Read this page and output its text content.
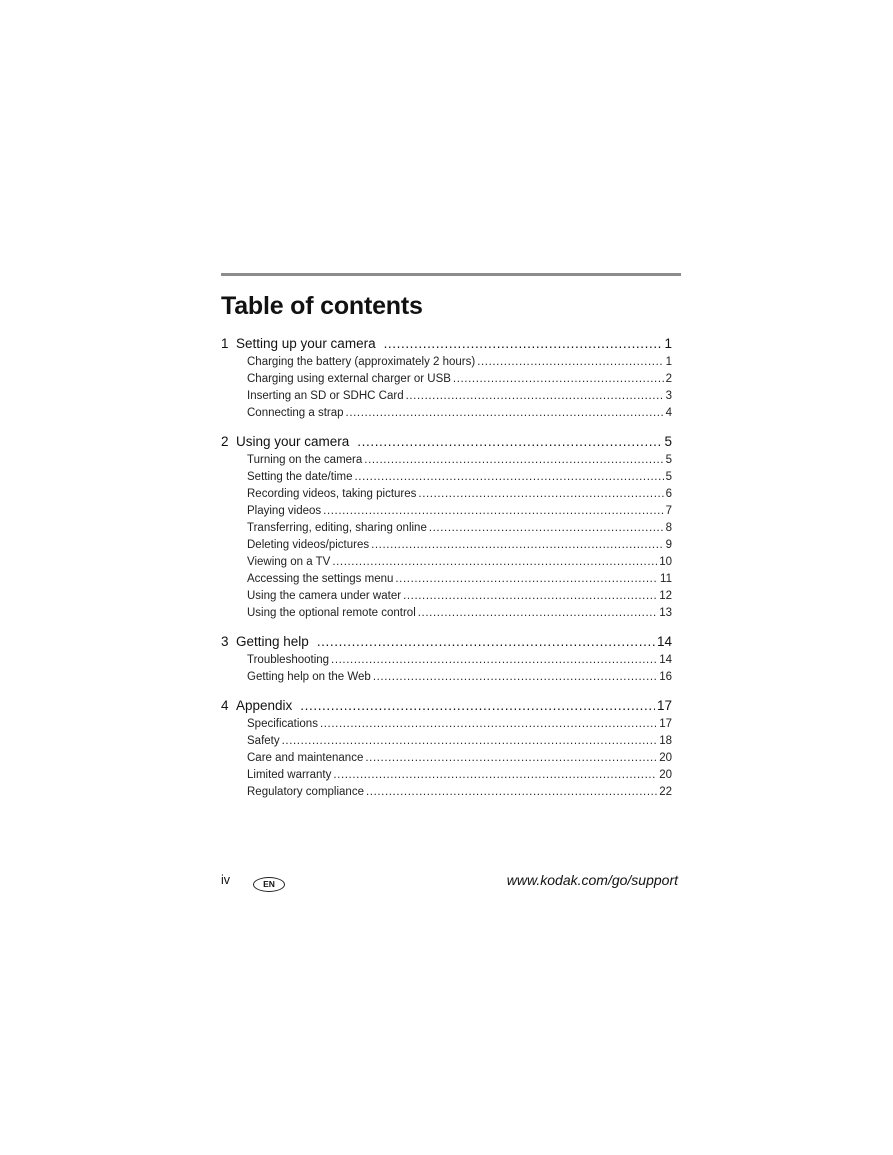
Table of contents
1 Setting up your camera .....	1
Charging the battery (approximately 2 hours) .....	1
Charging using external charger or USB .....	2
Inserting an SD or SDHC Card .....	3
Connecting a strap .....	4
2 Using your camera .....	5
Turning on the camera .....	5
Setting the date/time .....	5
Recording videos, taking pictures .....	6
Playing videos .....	7
Transferring, editing, sharing online .....	8
Deleting videos/pictures .....	9
Viewing on a TV .....	10
Accessing the settings menu .....	11
Using the camera under water .....	12
Using the optional remote control .....	13
3 Getting help .....	14
Troubleshooting .....	14
Getting help on the Web .....	16
4 Appendix .....	17
Specifications .....	17
Safety .....	18
Care and maintenance .....	20
Limited warranty .....	20
Regulatory compliance .....	22
iv	EN	www.kodak.com/go/support
